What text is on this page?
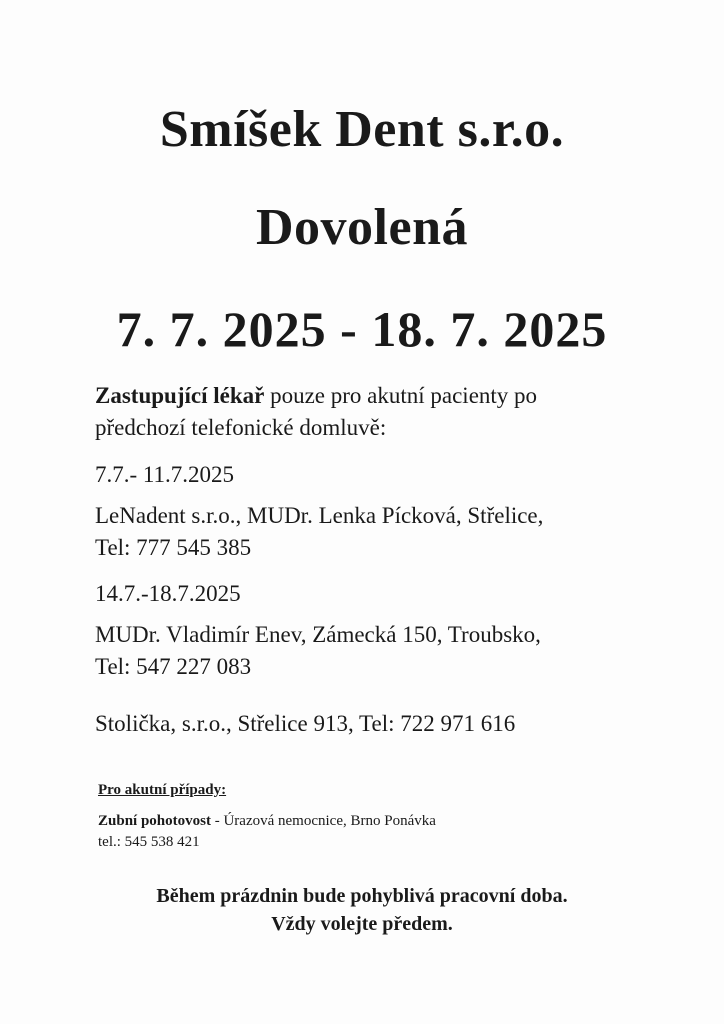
Smíšek Dent s.r.o.
Dovolená
7. 7. 2025 - 18. 7. 2025

Zastupující lékař pouze pro akutní pacienty po
předchozí telefonické domluvě:

7.7.- 11.7.2025

LeNadent s.r.o., MUDr. Lenka Pícková, Střelice,
Tel: 777 545 385

14.7.-18.7.2025

MUDr. Vladimír Enev, Zámecká 150, Troubsko,
Tel: 547 227 083

Stolička, s.r.o., Střelice 913, Tel: 722 971 616

Pro akutní případy:

Zubní pohotovost - Úrazová nemocnice, Brno Ponávka

tel.: 545 538 421

Během prázdnin bude pohyblivá pracovní doba.

Vždy volejte předem.
